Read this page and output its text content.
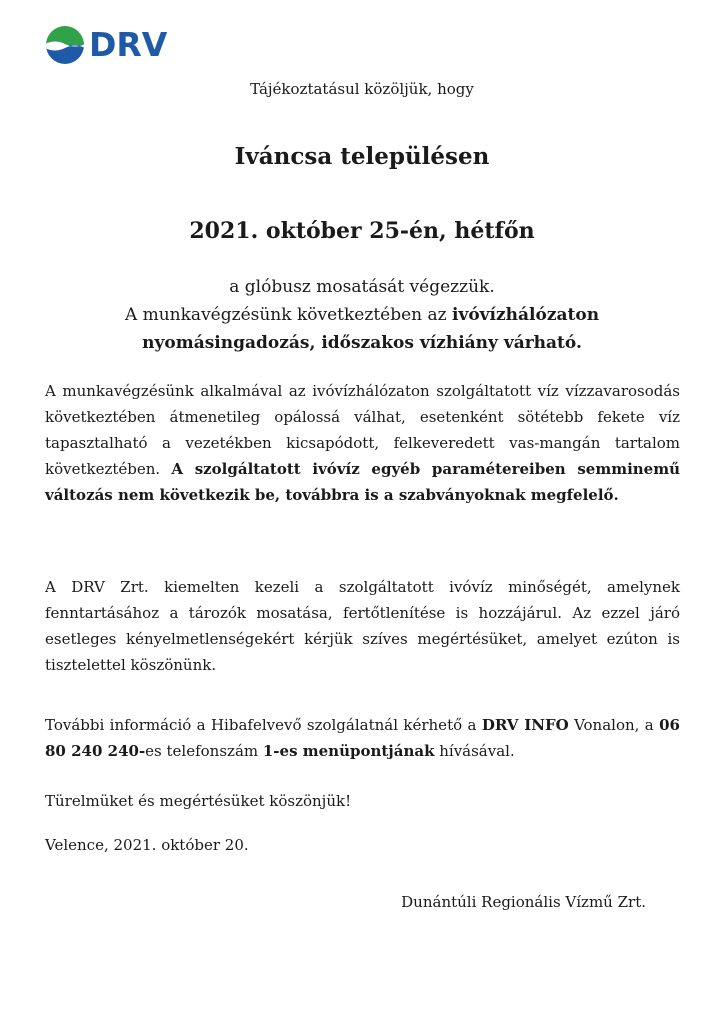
DRV
Tájékoztatásul közöljük, hogy
Iváncsa településen
2021. október 25-én, hétfőn
a glóbusz mosatását végezzük.
A munkavégzésünk következtében az ivóvízhálózaton
nyomásingadozás, időszakos vízhiány várható.
A munkavégzésünk alkalmával az ivóvízhálózaton szolgáltatott víz vízzavarosodás következtében átmenetileg opálossá válhat, esetenként sötétebb fekete víz tapasztalható a vezetékben kicsapódott, felkeveredett vas-mangán tartalom következtében. A szolgáltatott ivóvíz egyéb paramétereiben semminemű változás nem következik be, továbbra is a szabványoknak megfelelő.
A DRV Zrt. kiemelten kezeli a szolgáltatott ivóvíz minőségét, amelynek fenntartásához a tározók mosatása, fertőtlenítése is hozzájárul. Az ezzel járó esetleges kényelmetlenségekért kérjük szíves megértésüket, amelyet ezúton is tisztelettel köszönünk.
További információ a Hibafelvevő szolgálatnál kérhető a DRV INFO Vonalon, a 06 80 240 240-es telefonszám 1-es menüpontjának hívásával.
Türelmüket és megértésüket köszönjük!
Velence, 2021. október 20.
Dunántúli Regionális Vízmű Zrt.
